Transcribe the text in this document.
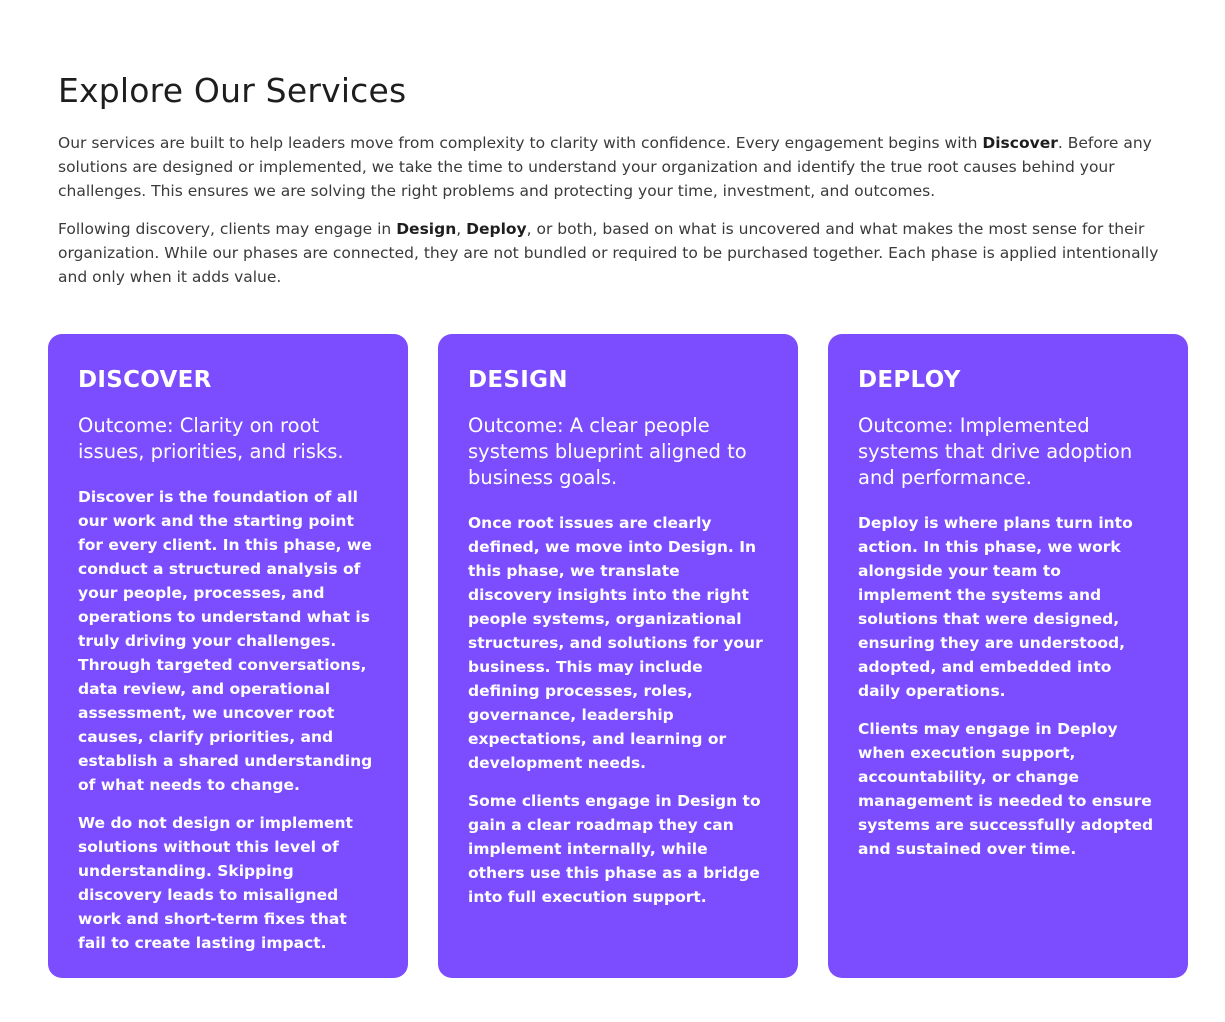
Explore Our Services

Our services are built to help leaders move from complexity to clarity with confidence. Every engagement begins with Discover. Before any solutions are designed or implemented, we take the time to understand your organization and identify the true root causes behind your challenges. This ensures we are solving the right problems and protecting your time, investment, and outcomes.

Following discovery, clients may engage in Design, Deploy, or both, based on what is uncovered and what makes the most sense for their organization. While our phases are connected, they are not bundled or required to be purchased together. Each phase is applied intentionally and only when it adds value.

DISCOVER

Outcome: Clarity on root issues, priorities, and risks.

Discover is the foundation of all our work and the starting point for every client. In this phase, we conduct a structured analysis of your people, processes, and operations to understand what is truly driving your challenges. Through targeted conversations, data review, and operational assessment, we uncover root causes, clarify priorities, and establish a shared understanding of what needs to change.

We do not design or implement solutions without this level of understanding. Skipping discovery leads to misaligned work and short-term fixes that fail to create lasting impact.

DESIGN

Outcome: A clear people systems blueprint aligned to business goals.

Once root issues are clearly defined, we move into Design. In this phase, we translate discovery insights into the right people systems, organizational structures, and solutions for your business. This may include defining processes, roles, governance, leadership expectations, and learning or development needs.

Some clients engage in Design to gain a clear roadmap they can implement internally, while others use this phase as a bridge into full execution support.

DEPLOY

Outcome: Implemented systems that drive adoption and performance.

Deploy is where plans turn into action. In this phase, we work alongside your team to implement the systems and solutions that were designed, ensuring they are understood, adopted, and embedded into daily operations.

Clients may engage in Deploy when execution support, accountability, or change management is needed to ensure systems are successfully adopted and sustained over time.
